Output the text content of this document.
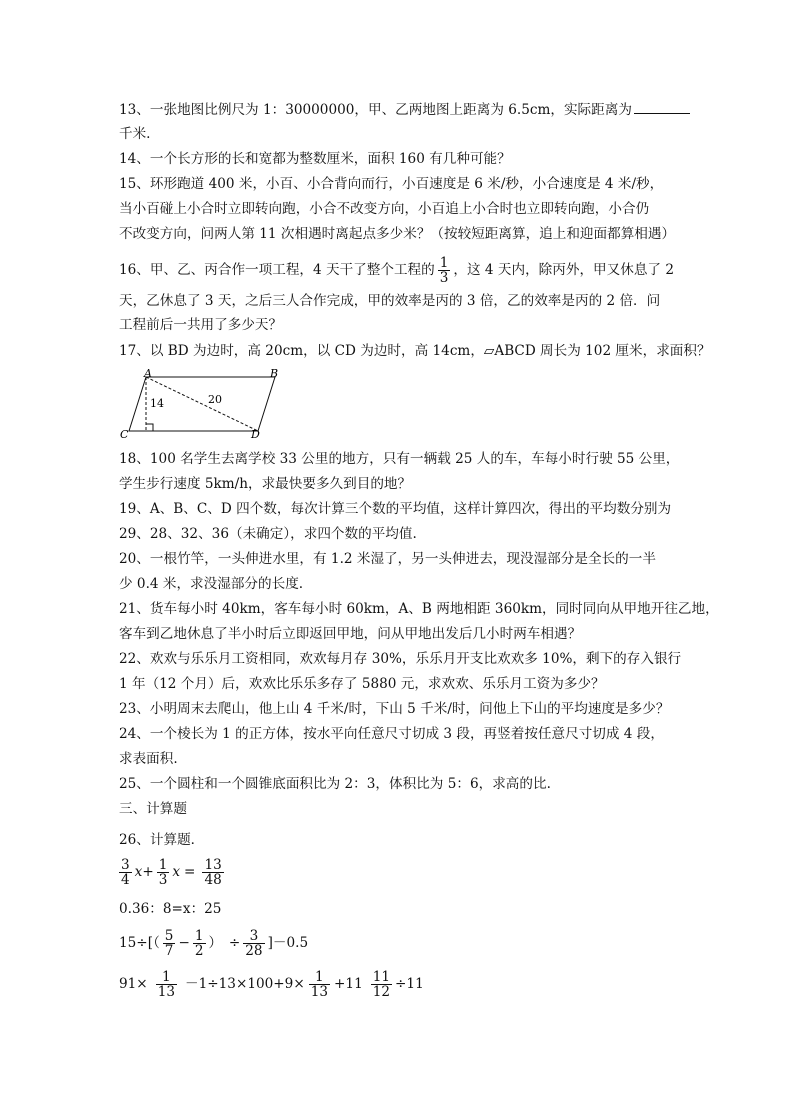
13、一张地图比例尺为 1：30000000，甲、乙两地图上距离为 6.5cm，实际距离为
千米.
14、一个长方形的长和宽都为整数厘米，面积 160 有几种可能？
15、环形跑道 400 米，小百、小合背向而行，小百速度是 6 米/秒，小合速度是 4 米/秒，
当小百碰上小合时立即转向跑，小合不改变方向，小百追上小合时也立即转向跑，小合仍
不改变方向，问两人第 11 次相遇时离起点多少米？（按较短距离算，追上和迎面都算相遇）
16、甲、乙、丙合作一项工程，4 天干了整个工程的 $\frac{1}{3}$ ，这 4 天内，除丙外，甲又休息了 2
天，乙休息了 3 天，之后三人合作完成，甲的效率是丙的 3 倍，乙的效率是丙的 2 倍．问
工程前后一共用了多少天？
17、以 BD 为边时，高 20cm，以 CD 为边时，高 14cm，▱ABCD 周长为 102 厘米，求面积？
A	B
C	D
14	20
18、100 名学生去离学校 33 公里的地方，只有一辆载 25 人的车，车每小时行驶 55 公里，
学生步行速度 5km/h，求最快要多久到目的地？
19、A、B、C、D 四个数，每次计算三个数的平均值，这样计算四次，得出的平均数分别为
29、28、32、36（未确定），求四个数的平均值.
20、一根竹竿，一头伸进水里，有 1.2 米湿了，另一头伸进去，现没湿部分是全长的一半
少 0.4 米，求没湿部分的长度.
21、货车每小时 40km，客车每小时 60km，A、B 两地相距 360km，同时同向从甲地开往乙地，
客车到乙地休息了半小时后立即返回甲地，问从甲地出发后几小时两车相遇？
22、欢欢与乐乐月工资相同，欢欢每月存 30%，乐乐月开支比欢欢多 10%，剩下的存入银行
1 年（12 个月）后，欢欢比乐乐多存了 5880 元，求欢欢、乐乐月工资为多少？
23、小明周末去爬山，他上山 4 千米/时，下山 5 千米/时，问他上下山的平均速度是多少？
24、一个棱长为 1 的正方体，按水平向任意尺寸切成 3 段，再竖着按任意尺寸切成 4 段，
求表面积.
25、一个圆柱和一个圆锥底面积比为 2：3，体积比为 5：6，求高的比.
三、计算题
26、计算题．
$\frac{3}{4} x+ \frac{1}{3}$ $x = \frac{13}{48}$
0.36：8=x：25
$15\div[( \frac{5}{7} - \frac{1}{2}$ ）　÷ $\frac{3}{28} ]-0.5$
$91\times \frac{1}{13} -1\div 13\times 100+9\times \frac{1}{13} +11 \frac{11}{12} \div 11$
